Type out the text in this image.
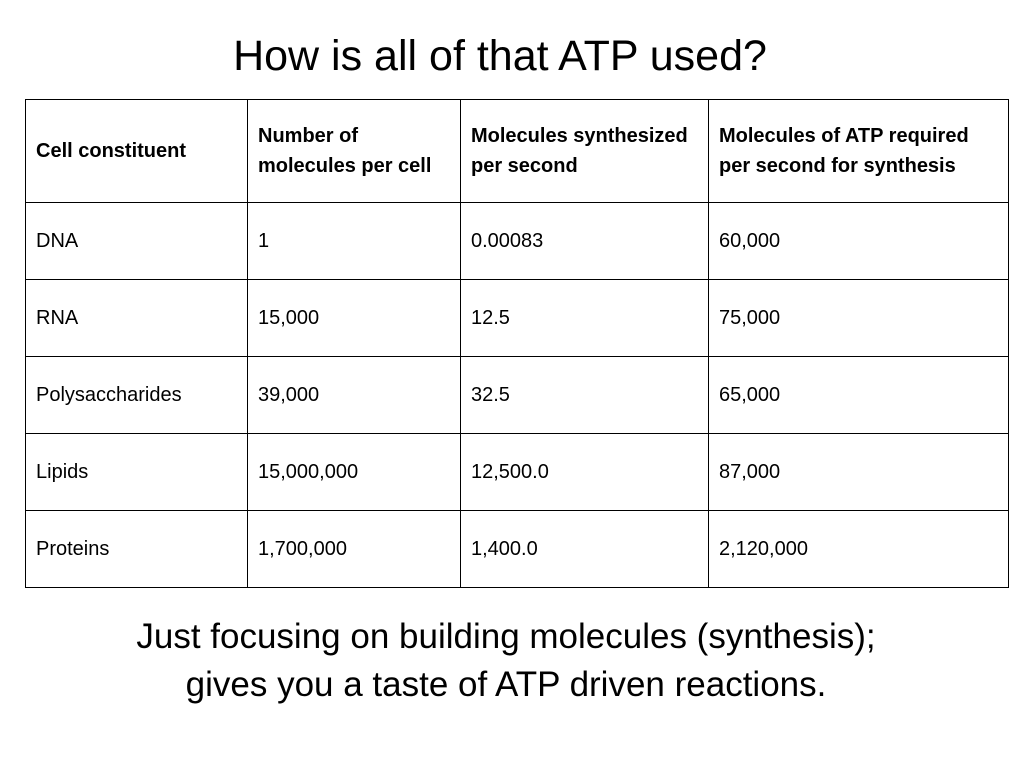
How is all of that ATP used?
Cell constituent	Number of molecules per cell	Molecules synthesized per second	Molecules of ATP required per second for synthesis
DNA	1	0.00083	60,000
RNA	15,000	12.5	75,000
Polysaccharides	39,000	32.5	65,000
Lipids	15,000,000	12,500.0	87,000
Proteins	1,700,000	1,400.0	2,120,000

Just focusing on building molecules (synthesis);
gives you a taste of ATP driven reactions.
